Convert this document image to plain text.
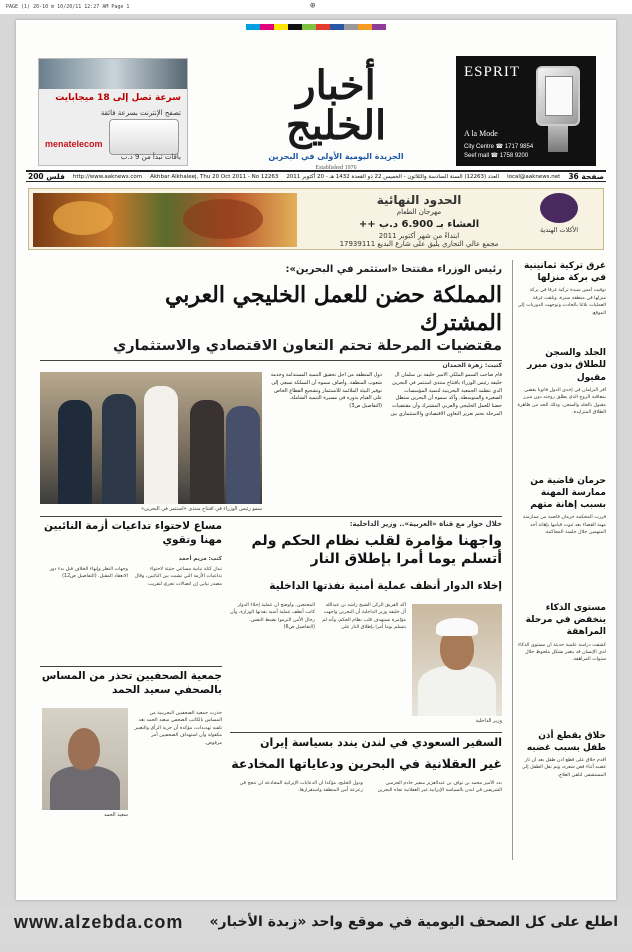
PAGE (1) 20-10 m 10/20/11 12:27 AM Page 1	⊕
سرعة تصل إلى 18 ميجابايت
تصفح الإنترنت بسرعة فائقة
menatelecom
باقات تبدأ من 9 د.ب
أخبار الخليج
الجريدة اليومية الأولى في البحرين
Established 1976
ESPRIT
A la Mode
City Centre ☎ 1717 9854
Seef mall ☎ 1758 9200
200 فلس http://www.aaknews.com Akhbar Alkhaleej, Thu 20 Oct 2011 - No 12263 العدد (12263) السنة السادسة والثلاثون - الخميس 22 ذو القعدة 1432 هـ - 20 أكتوبر 2011 local@aaknews.net 36 صفحة
الحدود النهائية
مهرجان الطعام
العشاء بـ 6.900 د.ب ++
ابتداءً من شهر أكتوبر 2011
مجمع عالي التجاري يليق على شارع البديع 17939111
الأكلات الهندية
رئيس الوزراء مفتتحا «استثمر في البحرين»:
المملكة حضن للعمل الخليجي العربي المشترك
مقتضيات المرحلة تحتم التعاون الاقتصادي والاستثماري
سمو رئيس الوزراء في افتتاح منتدى «استثمر في البحرين»
كتبت: زهرة الحمدان
قام صاحب السمو الملكي الأمير خليفة بن سلمان آل خليفة رئيس الوزراء بافتتاح منتدى استثمر في البحرين الذي تنظمه الجمعية البحرينية لتنمية المؤسسات الصغيرة والمتوسطة، وأكد سموه أن البحرين ستظل حضنا للعمل الخليجي والعربي المشترك وأن مقتضيات المرحلة تحتم تعزيز التعاون الاقتصادي والاستثماري بين دول المنطقة من أجل تحقيق التنمية المستدامة وخدمة شعوب المنطقة. وأضاف سموه أن المملكة تسعى إلى توفير البيئة الملائمة للاستثمار وتشجيع القطاع الخاص على القيام بدوره في مسيرة التنمية الشاملة. (التفاصيل ص3)
غرق تركية ثمانينية في بركة منزلها
توفيت أمس سيدة تركية غرقا في بركة منزلها في منطقة سترة، وتلقت غرفة العمليات بلاغا بالحادث وتوجهت الدوريات إلى الموقع.
الجلد والسجن للطلاق بدون مبرر مقبول
أقر البرلمان في إحدى الدول قانونا يقضي بمعاقبة الزوج الذي يطلق زوجته دون مبرر مقبول بالجلد والسجن، وذلك للحد من ظاهرة الطلاق المتزايدة.
حرمان قاضية من ممارسة المهنة بسبب إهانة متهم
قررت المحكمة حرمان قاضية من ممارسة مهنة القضاء بعد ثبوت قيامها بإهانة أحد المتهمين خلال جلسة المحاكمة.
مستوى الذكاء ينخفض في مرحلة المراهقة
كشفت دراسة علمية حديثة أن مستوى الذكاء لدى الإنسان قد يتغير بشكل ملحوظ خلال سنوات المراهقة.
حلاق يقطع أذن طفل بسبب غضبه
أقدم حلاق على قطع أذن طفل بعد أن ثار غضبه أثناء قص شعره، وتم نقل الطفل إلى المستشفى لتلقي العلاج.
خلال حوار مع قناة «العربية».. وزير الداخلية:
واجهنا مؤامرة لقلب نظام الحكم ولم أتسلم يوما أمرا بإطلاق النار
إخلاء الدوار أنظف عملية أمنية نفذتها الداخلية
أكد الفريق الركن الشيخ راشد بن عبدالله آل خليفة وزير الداخلية أن البحرين واجهت مؤامرة تستهدف قلب نظام الحكم، وأنه لم يتسلم يوما أمرا بإطلاق النار على المحتجين. وأوضح أن عملية إخلاء الدوار كانت أنظف عملية أمنية نفذتها الوزارة، وأن رجال الأمن التزموا بضبط النفس. (التفاصيل ص6)
وزير الداخلية
السفير السعودي في لندن يندد بسياسة إيران
غير العقلانية في البحرين ودعاياتها المخادعة
ندد الأمير محمد بن نواف بن عبدالعزيز سفير خادم الحرمين الشريفين في لندن بالسياسة الإيرانية غير العقلانية تجاه البحرين ودول الخليج، مؤكدا أن الدعايات الإيرانية المخادعة لن تنجح في زعزعة أمن المنطقة واستقرارها.
مساع لاحتواء تداعيات أزمة النائبين مهنا وتقوي
كتب: مريم أحمد
تبذل كتلة نيابية مساعي حثيثة لاحتواء تداعيات الأزمة التي نشبت بين النائبين، وقال مصدر نيابي إن اتصالات تجري لتقريب وجهات النظر وإنهاء الخلاف قبل بدء دور الانعقاد المقبل. (التفاصيل ص12)
جمعية الصحفيين تحذر من المساس بالصحفي سعيد الحمد
سعيد الحمد
حذرت جمعية الصحفيين البحرينية من المساس بالكاتب الصحفي سعيد الحمد بعد تلقيه تهديدات، مؤكدة أن حرية الرأي والتعبير مكفولة وأن استهداف الصحفيين أمر مرفوض.
www.alzebda.com اطلع على كل الصحف اليومية في موقع واحد «زبدة الأخبار»
